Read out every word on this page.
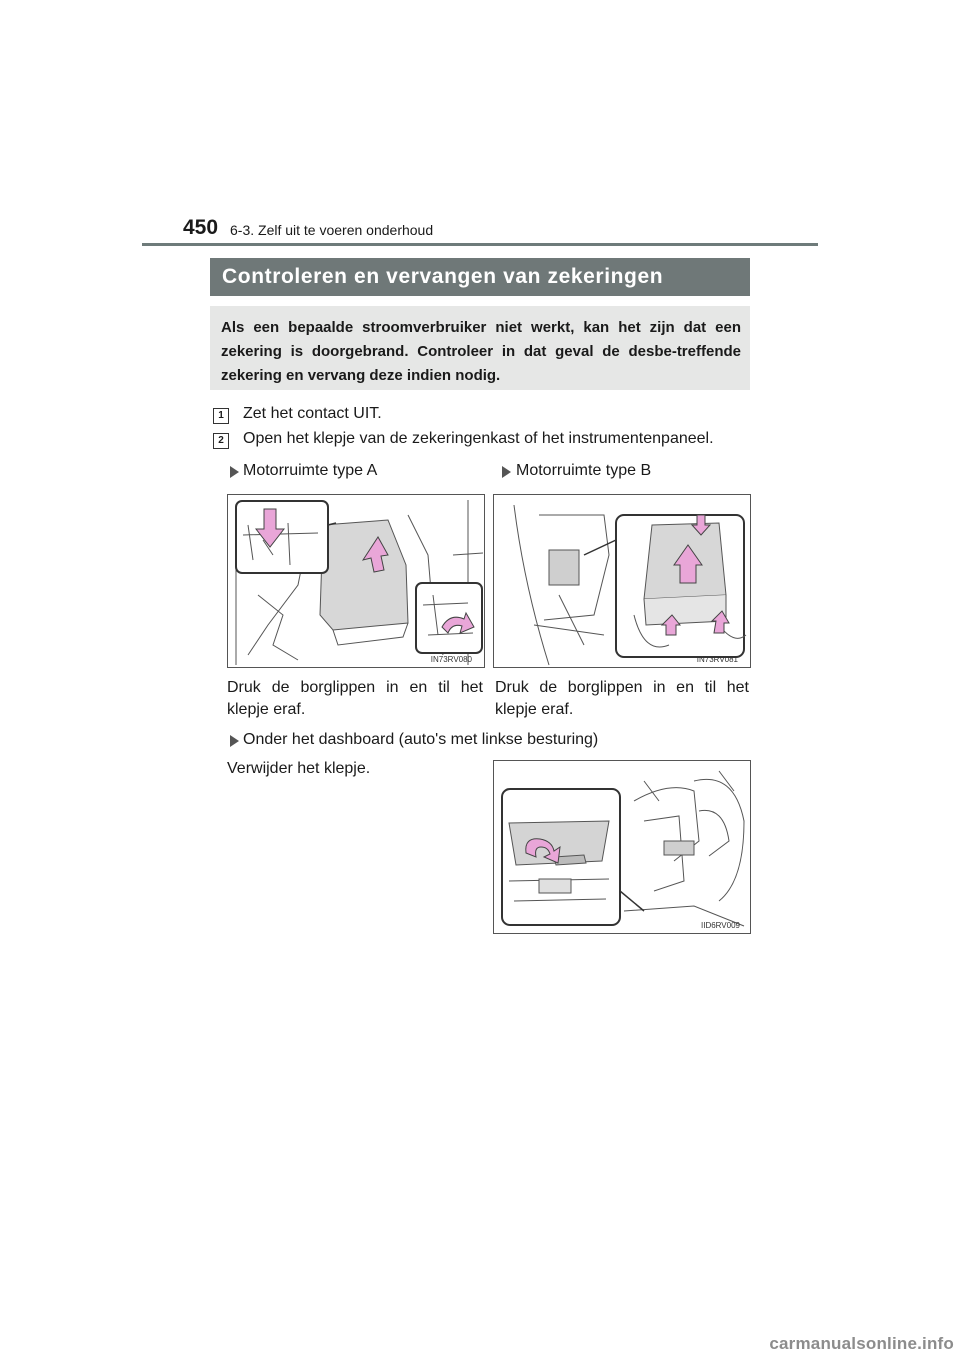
450 6-3. Zelf uit te voeren onderhoud
Controleren en vervangen van zekeringen

Als een bepaalde stroomverbruiker niet werkt, kan het zijn dat een zekering is doorgebrand. Controleer in dat geval de desbe-treffende zekering en vervang deze indien nodig.

1	Zet het contact UIT.
2	Open het klepje van de zekeringenkast of het instrumentenpaneel.
Motorruimte type A	Motorruimte type B
IN73RV080	IN73RV081
Druk de borglippen in en til het klepje eraf.
Druk de borglippen in en til het klepje eraf.
Onder het dashboard (auto's met linkse besturing)
Verwijder het klepje.
IID6RV009
carmanualsonline.info
